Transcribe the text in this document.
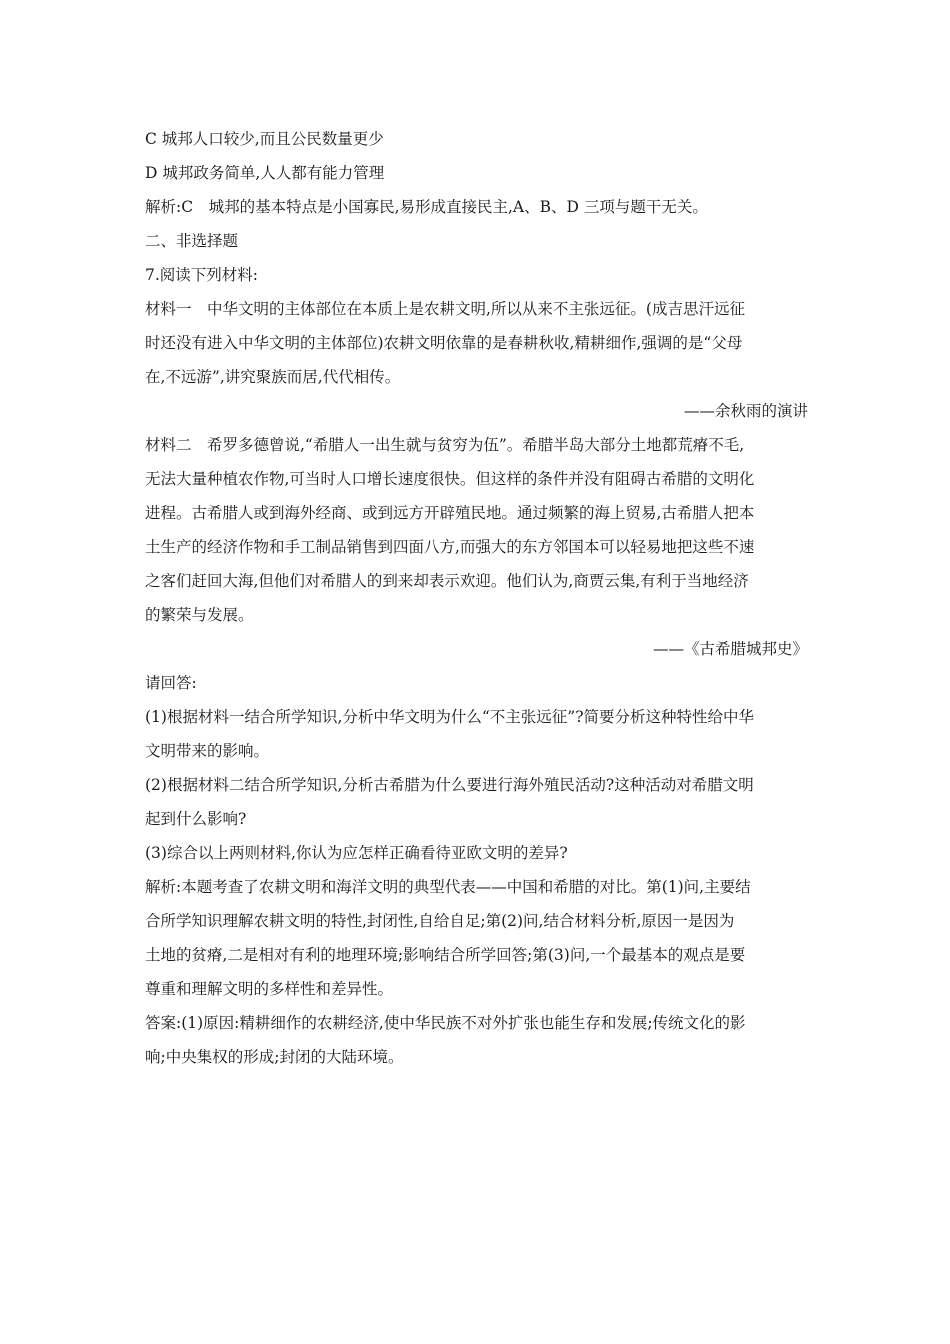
C 城邦人口较少,而且公民数量更少
D 城邦政务简单,人人都有能力管理
解析:C　城邦的基本特点是小国寡民,易形成直接民主,A、B、D 三项与题干无关。
二、非选择题
7.阅读下列材料:
材料一　中华文明的主体部位在本质上是农耕文明,所以从来不主张远征。(成吉思汗远征
时还没有进入中华文明的主体部位)农耕文明依靠的是春耕秋收,精耕细作,强调的是“父母
在,不远游”,讲究聚族而居,代代相传。
——余秋雨的演讲
材料二　希罗多德曾说,“希腊人一出生就与贫穷为伍”。希腊半岛大部分土地都荒瘠不毛,
无法大量种植农作物,可当时人口增长速度很快。但这样的条件并没有阻碍古希腊的文明化
进程。古希腊人或到海外经商、或到远方开辟殖民地。通过频繁的海上贸易,古希腊人把本
土生产的经济作物和手工制品销售到四面八方,而强大的东方邻国本可以轻易地把这些不速
之客们赶回大海,但他们对希腊人的到来却表示欢迎。他们认为,商贾云集,有利于当地经济
的繁荣与发展。
——《古希腊城邦史》
请回答:
(1)根据材料一结合所学知识,分析中华文明为什么“不主张远征”?简要分析这种特性给中华
文明带来的影响。
(2)根据材料二结合所学知识,分析古希腊为什么要进行海外殖民活动?这种活动对希腊文明
起到什么影响?
(3)综合以上两则材料,你认为应怎样正确看待亚欧文明的差异?
解析:本题考查了农耕文明和海洋文明的典型代表——中国和希腊的对比。第(1)问,主要结
合所学知识理解农耕文明的特性,封闭性,自给自足;第(2)问,结合材料分析,原因一是因为
土地的贫瘠,二是相对有利的地理环境;影响结合所学回答;第(3)问,一个最基本的观点是要
尊重和理解文明的多样性和差异性。
答案:(1)原因:精耕细作的农耕经济,使中华民族不对外扩张也能生存和发展;传统文化的影
响;中央集权的形成;封闭的大陆环境。
